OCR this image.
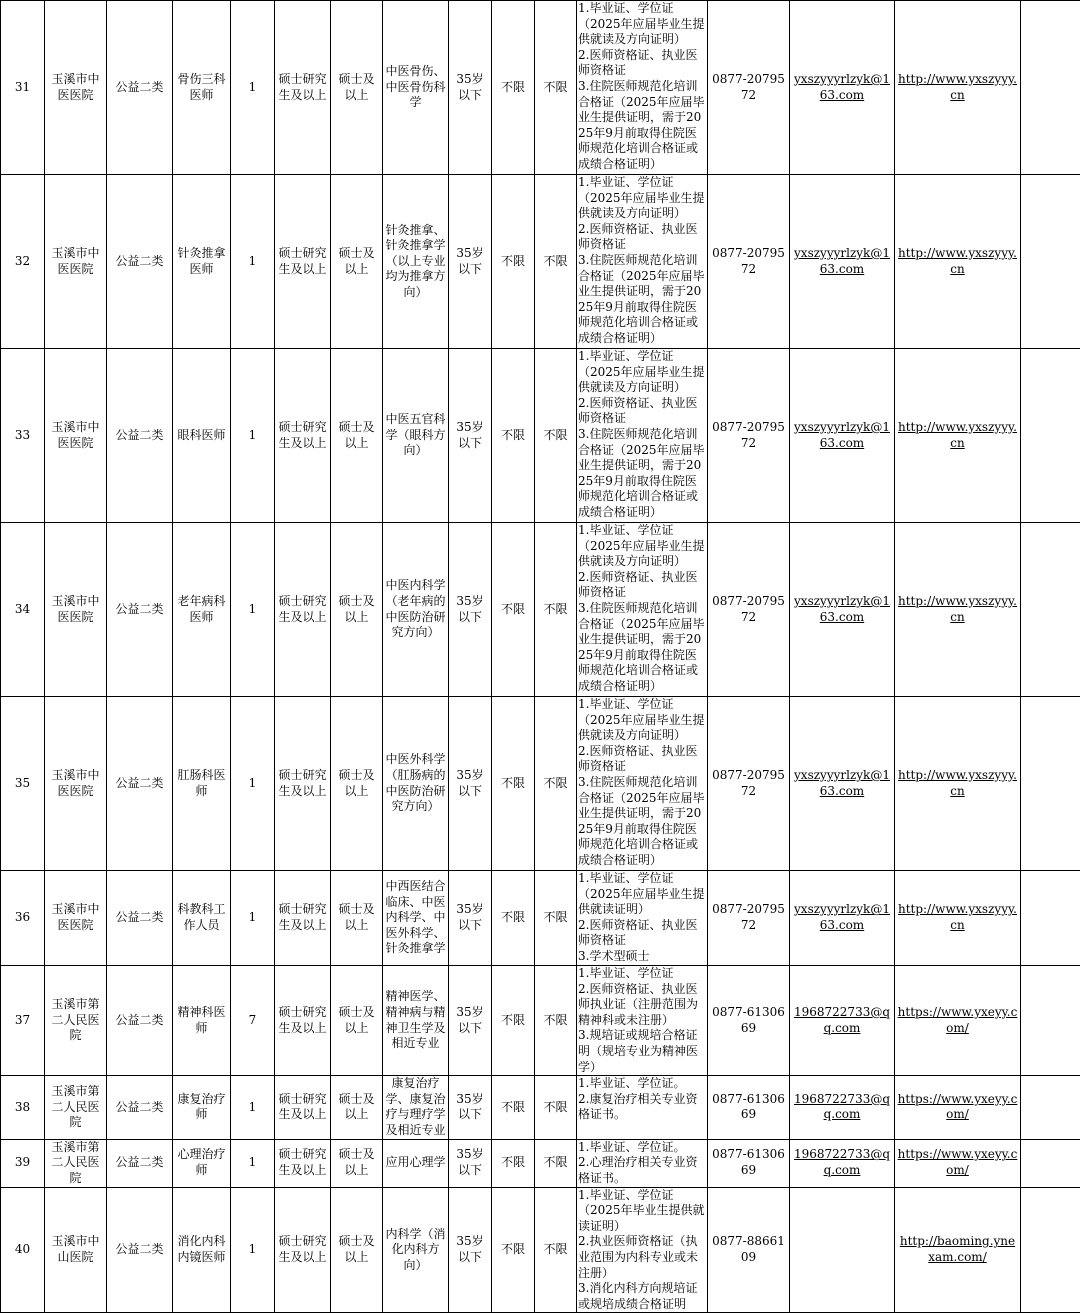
31	玉溪市中医医院	公益二类	骨伤三科医师	1	硕士研究生及以上	硕士及以上	中医骨伤、中医骨伤科学	35岁以下	不限	不限	1.毕业证、学位证
（2025年应届毕业生提供就读及方向证明）
2.医师资格证、执业医师资格证
3.住院医师规范化培训合格证（2025年应届毕业生提供证明，需于2025年9月前取得住院医师规范化培训合格证或成绩合格证明）	0877-2079572	yxszyyyrlzyk@163.com	http://www.yxszyyy.cn	
32	玉溪市中医医院	公益二类	针灸推拿医师	1	硕士研究生及以上	硕士及以上	针灸推拿、针灸推拿学（以上专业均为推拿方向）	35岁以下	不限	不限	1.毕业证、学位证
（2025年应届毕业生提供就读及方向证明）
2.医师资格证、执业医师资格证
3.住院医师规范化培训合格证（2025年应届毕业生提供证明，需于2025年9月前取得住院医师规范化培训合格证或成绩合格证明）	0877-2079572	yxszyyyrlzyk@163.com	http://www.yxszyyy.cn	
33	玉溪市中医医院	公益二类	眼科医师	1	硕士研究生及以上	硕士及以上	中医五官科学（眼科方向）	35岁以下	不限	不限	1.毕业证、学位证
（2025年应届毕业生提供就读及方向证明）
2.医师资格证、执业医师资格证
3.住院医师规范化培训合格证（2025年应届毕业生提供证明，需于2025年9月前取得住院医师规范化培训合格证或成绩合格证明）	0877-2079572	yxszyyyrlzyk@163.com	http://www.yxszyyy.cn	
34	玉溪市中医医院	公益二类	老年病科医师	1	硕士研究生及以上	硕士及以上	中医内科学（老年病的中医防治研究方向）	35岁以下	不限	不限	1.毕业证、学位证
（2025年应届毕业生提供就读及方向证明）
2.医师资格证、执业医师资格证
3.住院医师规范化培训合格证（2025年应届毕业生提供证明，需于2025年9月前取得住院医师规范化培训合格证或成绩合格证明）	0877-2079572	yxszyyyrlzyk@163.com	http://www.yxszyyy.cn	
35	玉溪市中医医院	公益二类	肛肠科医师	1	硕士研究生及以上	硕士及以上	中医外科学（肛肠病的中医防治研究方向）	35岁以下	不限	不限	1.毕业证、学位证
（2025年应届毕业生提供就读及方向证明）
2.医师资格证、执业医师资格证
3.住院医师规范化培训合格证（2025年应届毕业生提供证明，需于2025年9月前取得住院医师规范化培训合格证或成绩合格证明）	0877-2079572	yxszyyyrlzyk@163.com	http://www.yxszyyy.cn	
36	玉溪市中医医院	公益二类	科教科工作人员	1	硕士研究生及以上	硕士及以上	中西医结合临床、中医内科学、中医外科学、针灸推拿学	35岁以下	不限	不限	1.毕业证、学位证
（2025年应届毕业生提供就读证明）
2.医师资格证、执业医师资格证
3.学术型硕士	0877-2079572	yxszyyyrlzyk@163.com	http://www.yxszyyy.cn	
37	玉溪市第二人民医院	公益二类	精神科医师	7	硕士研究生及以上	硕士及以上	精神医学、精神病与精神卫生学及相近专业	35岁以下	不限	不限	1.毕业证、学位证
2.医师资格证、执业医师执业证（注册范围为精神科或未注册）
3.规培证或规培合格证明（规培专业为精神医学）	0877-6130669	1968722733@qq.com	https://www.yxeyy.com/	
38	玉溪市第二人民医院	公益二类	康复治疗师	1	硕士研究生及以上	硕士及以上	康复治疗学、康复治疗与理疗学及相近专业	35岁以下	不限	不限	1.毕业证、学位证。
2.康复治疗相关专业资格证书。	0877-6130669	1968722733@qq.com	https://www.yxeyy.com/	
39	玉溪市第二人民医院	公益二类	心理治疗师	1	硕士研究生及以上	硕士及以上	应用心理学	35岁以下	不限	不限	1.毕业证、学位证。
2.心理治疗相关专业资格证书。	0877-6130669	1968722733@qq.com	https://www.yxeyy.com/	
40	玉溪市中山医院	公益二类	消化内科内镜医师	1	硕士研究生及以上	硕士及以上	内科学（消化内科方向）	35岁以下	不限	不限	1.毕业证、学位证
（2025年毕业生提供就读证明）
2.执业医师资格证（执业范围为内科专业或未注册）
3.消化内科方向规培证或规培成绩合格证明	0877-8866109		http://baoming.ynexam.com/	
